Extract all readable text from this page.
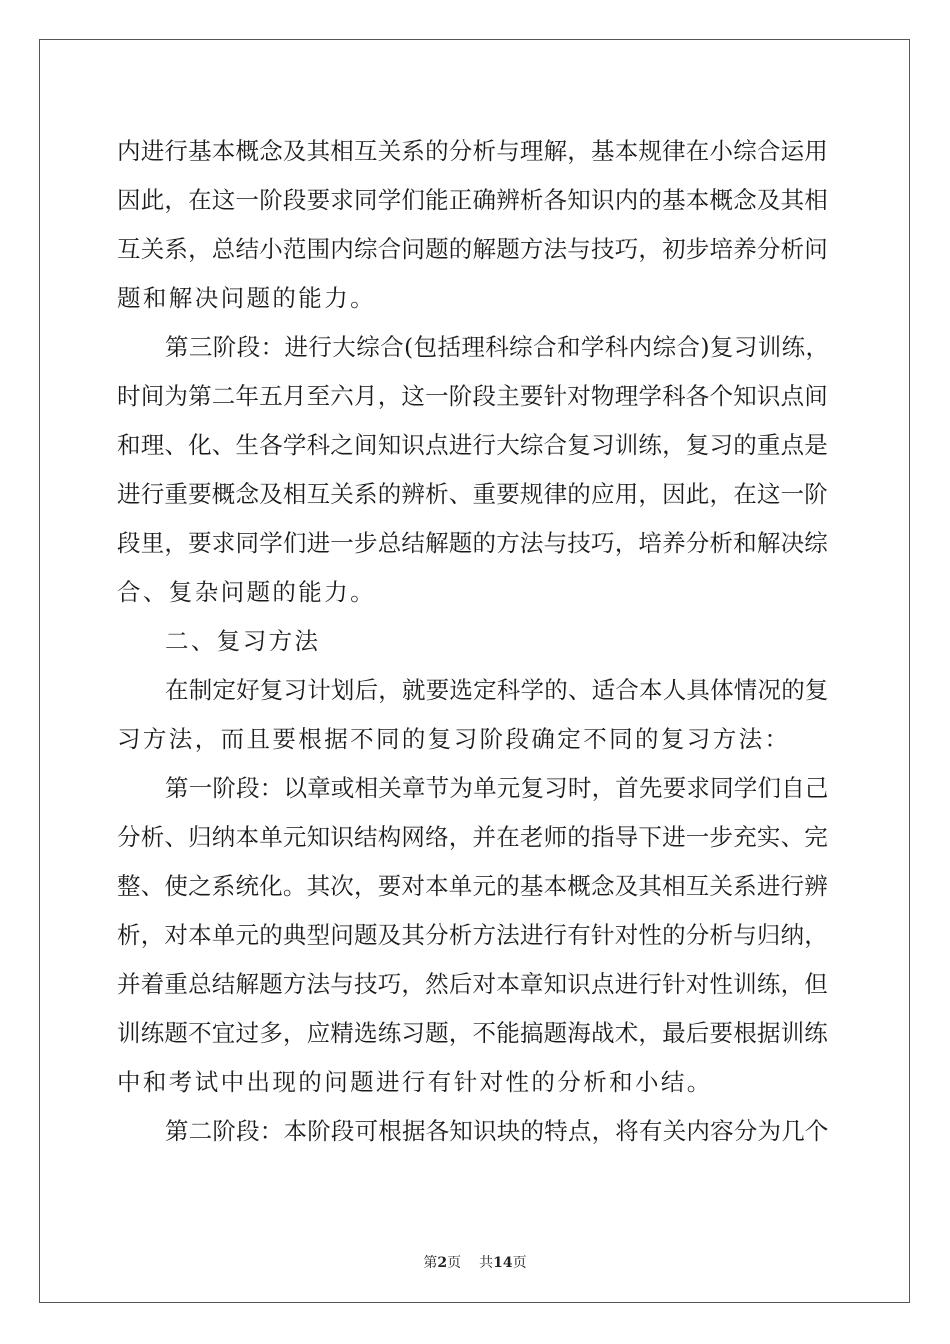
内进行基本概念及其相互关系的分析与理解，基本规律在小综合运用
因此，在这一阶段要求同学们能正确辨析各知识内的基本概念及其相
互关系，总结小范围内综合问题的解题方法与技巧，初步培养分析问
题和解决问题的能力。
第三阶段：进行大综合(包括理科综合和学科内综合)复习训练，
时间为第二年五月至六月，这一阶段主要针对物理学科各个知识点间
和理、化、生各学科之间知识点进行大综合复习训练，复习的重点是
进行重要概念及相互关系的辨析、重要规律的应用，因此，在这一阶
段里，要求同学们进一步总结解题的方法与技巧，培养分析和解决综
合、复杂问题的能力。
二、复习方法
在制定好复习计划后，就要选定科学的、适合本人具体情况的复
习方法，而且要根据不同的复习阶段确定不同的复习方法：
第一阶段：以章或相关章节为单元复习时，首先要求同学们自己
分析、归纳本单元知识结构网络，并在老师的指导下进一步充实、完
整、使之系统化。其次，要对本单元的基本概念及其相互关系进行辨
析，对本单元的典型问题及其分析方法进行有针对性的分析与归纳，
并着重总结解题方法与技巧，然后对本章知识点进行针对性训练，但
训练题不宜过多，应精选练习题，不能搞题海战术，最后要根据训练
中和考试中出现的问题进行有针对性的分析和小结。
第二阶段：本阶段可根据各知识块的特点，将有关内容分为几个
第2页 共14页
